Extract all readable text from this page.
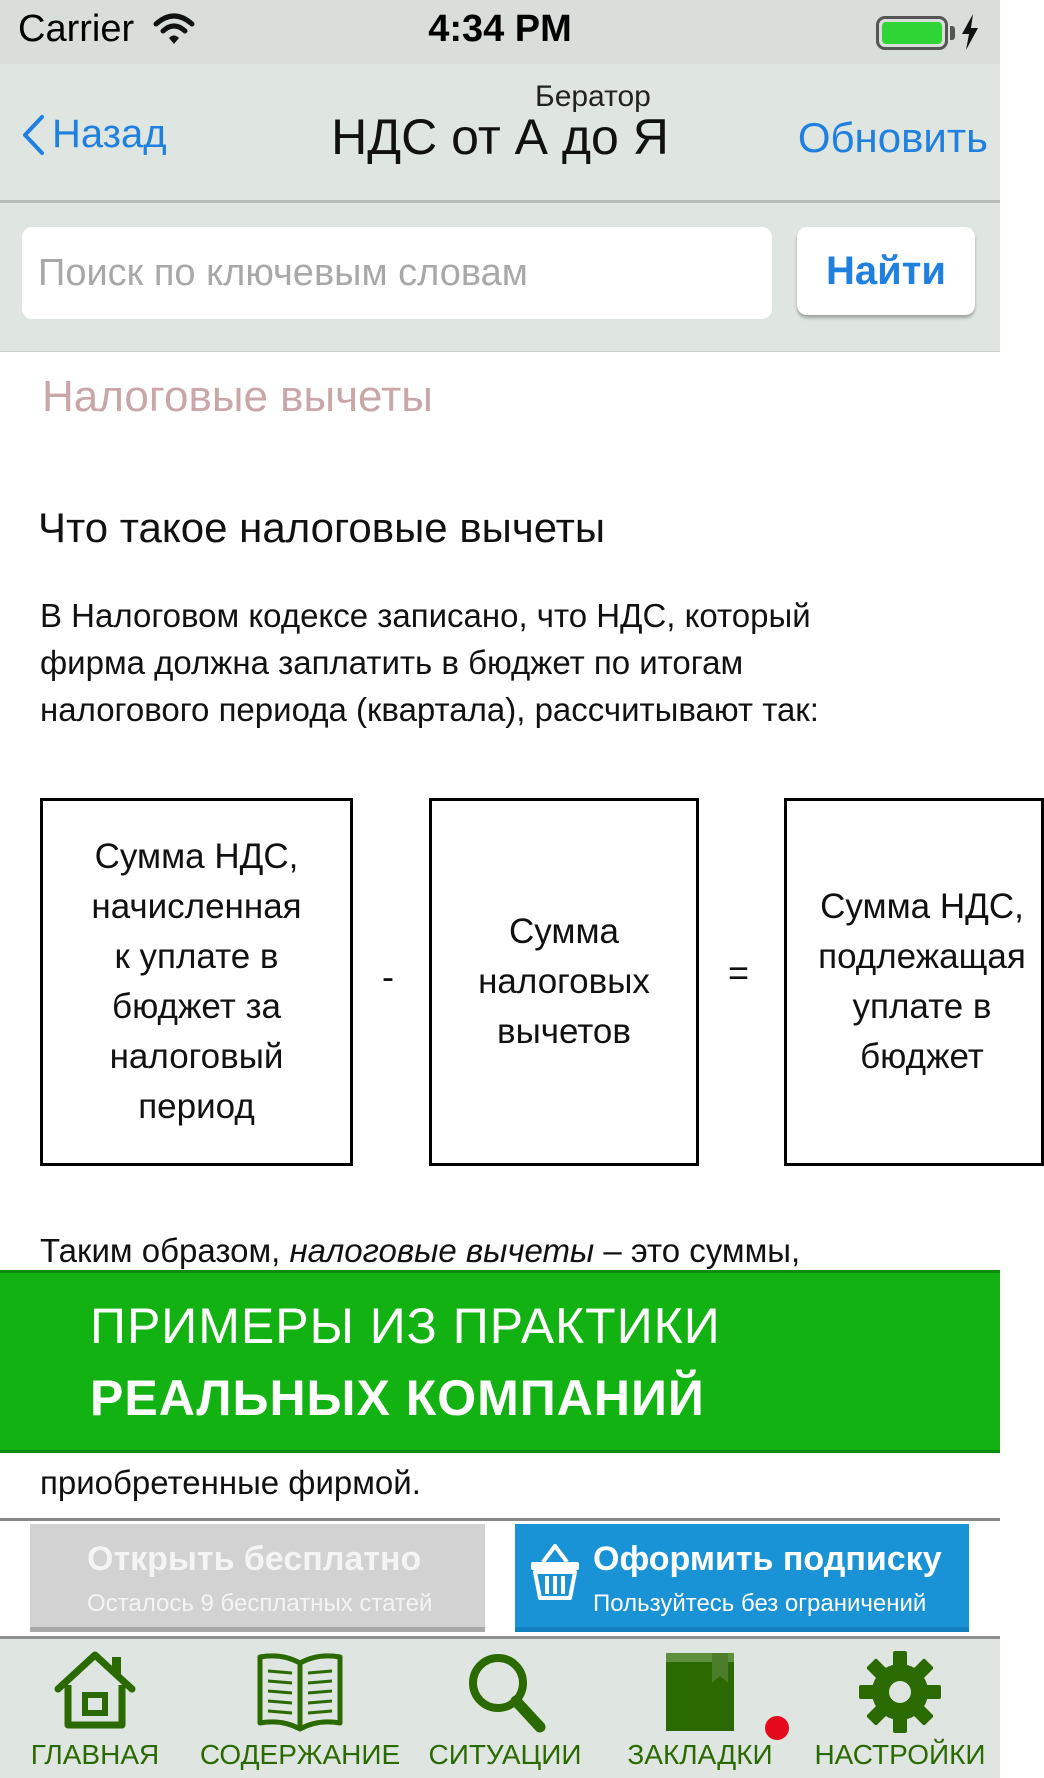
Carrier	4:34 PM
Назад
Бератор
НДС от А до Я	Обновить
Поиск по ключевым словам
Найти
Налоговые вычеты
Что такое налоговые вычеты
В Налоговом кодексе записано, что НДС, который
фирма должна заплатить в бюджет по итогам
налогового периода (квартала), рассчитывают так:
Сумма НДС,
начисленная
к уплате в
бюджет за
налоговый
период
-
Сумма
налоговых
вычетов
=
Сумма НДС,
подлежащая
уплате в
бюджет
Таким образом, налоговые вычеты – это суммы,
приобретенные фирмой.
ПРИМЕРЫ ИЗ ПРАКТИКИ
РЕАЛЬНЫХ КОМПАНИЙ
Открыть бесплатно
Осталось 9 бесплатных статей
Оформить подписку
Пользуйтесь без ограничений
ГЛАВНАЯ	СОДЕРЖАНИЕ	СИТУАЦИИ	ЗАКЛАДКИ	НАСТРОЙКИ
